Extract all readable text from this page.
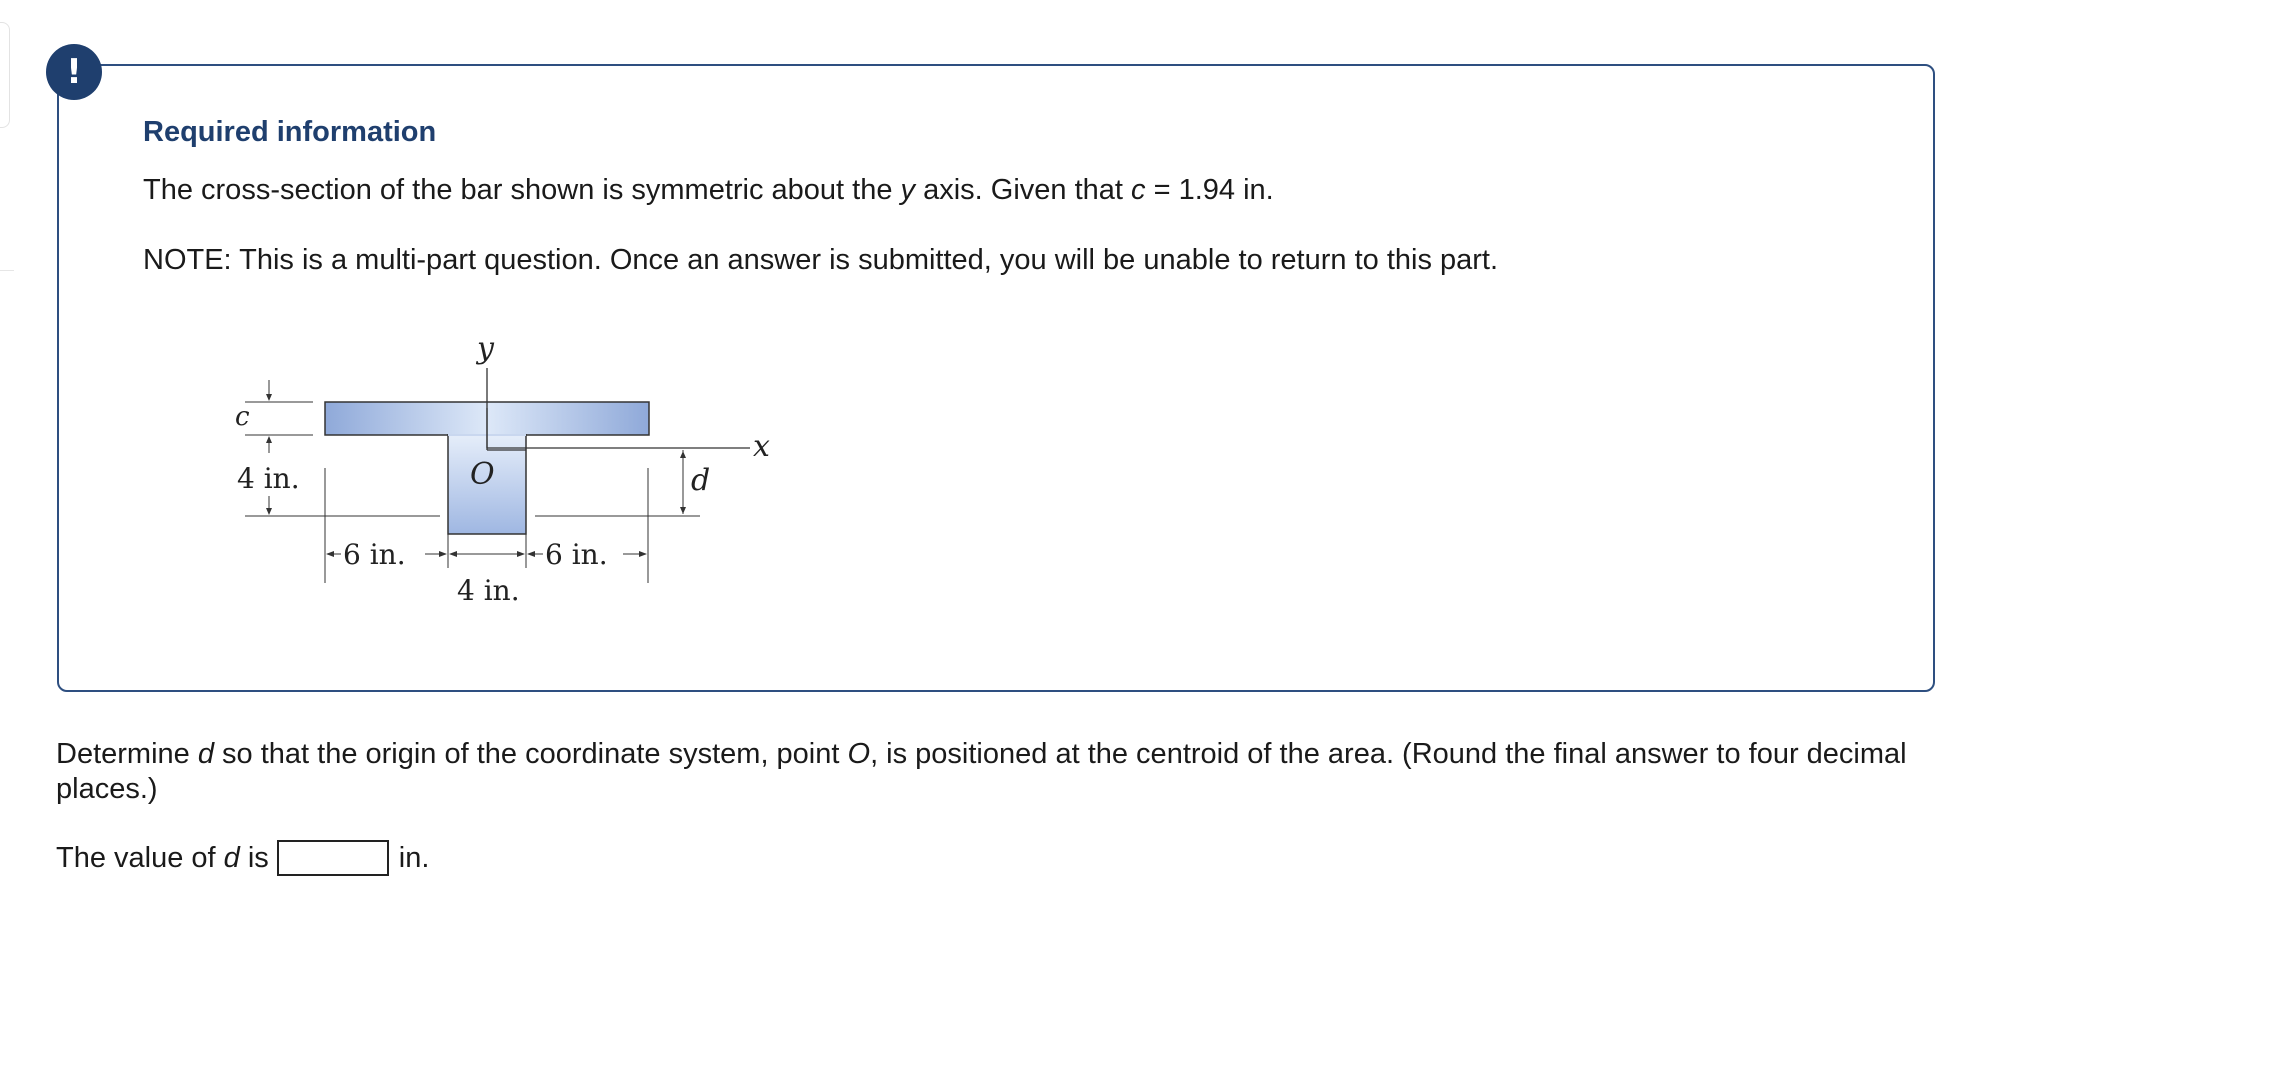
!
Required information
The cross-section of the bar shown is symmetric about the y axis. Given that c = 1.94 in.
NOTE: This is a multi-part question. Once an answer is submitted, you will be unable to return to this part.
y
x
c
O	d
4 in.
6 in.	6 in.
4 in.
Determine d so that the origin of the coordinate system, point O, is positioned at the centroid of the area. (Round the final answer to four decimal places.)
The value of d is	in.
